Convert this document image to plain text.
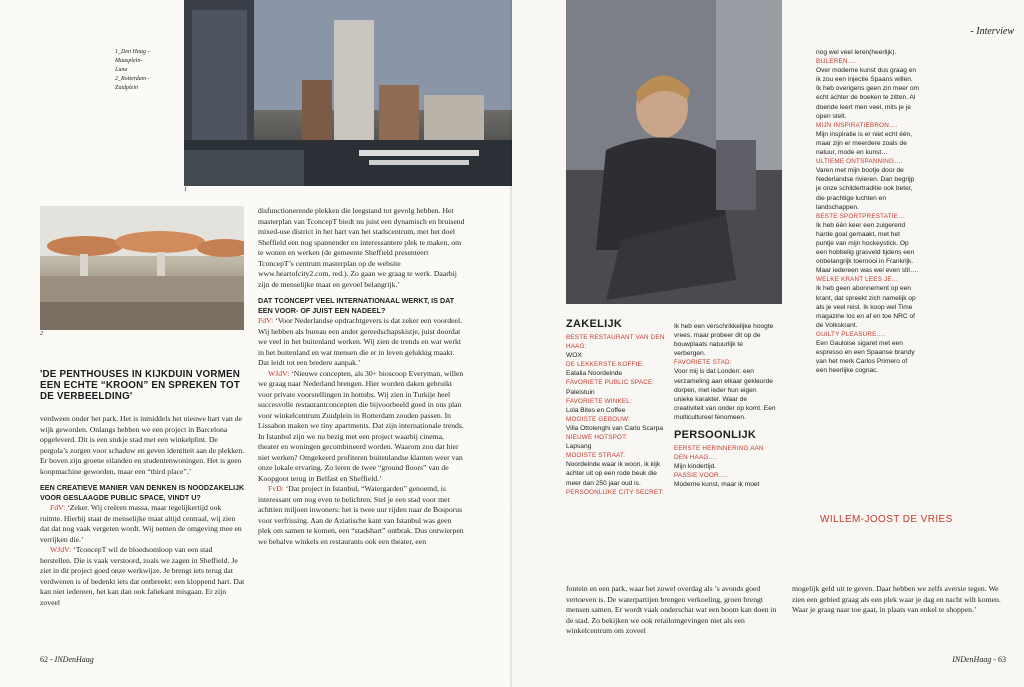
1_Den Haag –
Maasplein-
Luna
2_Rotterdam -
Zuidplein
1
2
'DE PENTHOUSES IN KIJKDUIN VORMEN EEN ECHTE “KROON” EN SPREKEN TOT DE VERBEELDING'

verdween onder het park. Het is inmiddels het nieuwe hart van de wijk geworden. Onlangs hebben we een project in Barcelona opgeleverd. Dit is een stukje stad met een winkelplint. De pergola’s zorgen voor schaduw en geven identiteit aan de plekken. Er boven zijn groene eilanden en studentenwoningen. Het is geen koopmachine geworden, maar een “third place”.’

EEN CREATIEVE MANIER VAN DENKEN IS NOODZAKELIJK VOOR GESLAAGDE PUBLIC SPACE, VINDT U?

FdV: ‘Zeker. Wij creëren massa, maar tegelijkertijd ook ruimte. Hierbij staat de menselijke maat altijd centraal, wij zien dat dat nog vaak vergeten wordt. Wij nemen de omgeving mee en verrijken die.’

WJdV: ‘TconcepT wil de bloedsomloop van een stad herstellen. Die is vaak verstoord, zoals we zagen in Sheffield. Je ziet in dit project goed onze werkwijze. Je brengt iets terug dat verdwenen is of bedenkt iets dat ontbreekt: een kloppend hart. Dat kan niet iedereen, het kan dan ook faliekant misgaan. Er zijn zoveel

disfunctionerende plekken die leegstand tot gevolg hebben. Het masterplan van TconcepT biedt nu juist een dynamisch en bruisend mixed-use district in het hart van het stadscentrum, met het doel Sheffield een nog spannender en interessantere plek te maken, om te wonen en werken (de gemeente Sheffield presenteert TconcepT’s centrum masterplan op de website www.heartofcity2.com, red.). Zo gaan we graag te werk. Daarbij zijn de menselijke maat en gevoel belangrijk.’

DAT TCONCEPT VEEL INTERNATIONAAL WERKT, IS DAT EEN VOOR- OF JUIST EEN NADEEL?

FdV: ‘Voor Nederlandse opdrachtgevers is dat zeker een voordeel. Wij hebben als bureau een ander gereedschapskistje, juist doordat we veel in het buitenland werken. Wij zien de trends en wat werkt in het buitenland en wat mensen die er in leven gelukkig maakt. Dat leidt tot een bredere aanpak.’

WJdV: ‘Nieuwe concepten, als 30+ bioscoop Everyman, willen we graag naar Nederland brengen. Hier worden daken gebruikt voor private voorstellingen in hottubs. Wij zien in Turkije heel succesvolle restaurantconcepten die bijvoorbeeld goed in ons plan voor winkelcentrum Zuidplein in Rotterdam zouden passen. In Lissabon maken we tiny apartments. Dat zijn internationale trends. In Istanbul zijn we nu bezig met een project waarbij cinema, theater en woningen gecombineerd worden. Waarom zou dat hier niet werken? Omgekeerd profiteren buitenlandse klanten weer van onze lokale ervaring. Zo leren de twee “ground floors” van de Koopgoot terug in Belfast en Sheffield.’

FvD: ‘Dat project in Istanbul, “Watergarden” genoemd, is interessant om nog even te belichten. Stel je een stad voor met achttien miljoen inwoners: het is twee uur rijden naar de Bosporus voor verfrissing. Aan de Aziatische kant van Istanbul was geen plek om samen te komen, een “stadshart” ontbrak. Dus ontwierpen we behalve winkels en restaurants ook een theater, een

62 - INDenHaag
- Interview
ZAKELIJK
BESTE RESTAURANT VAN DEN HAAG:
WOX
DE LEKKERSTE KOFFIE:
Eatalia Noordeinde
FAVORIETE PUBLIC SPACE:
Paleistuin
FAVORIETE WINKEL:
Lola Bites en Coffee
MOOISTE GEBOUW:
Villa Ottolenghi van Carlo Scarpa
NIEUWE HOTSPOT:
Lapsang
MOOISTE STRAAT:
Noordeinde waar ik woon, ik kijk achter uit op een rode beuk die meer dan 250 jaar oud is.
PERSOONLIJKE CITY SECRET:
Ik heb een verschrikkelijke hoogte vrees, maar probeer dit op de bouwplaats natuurlijk te verbergen.
FAVORIETE STAD:
Voor mij is dat Londen: een verzameling aan elkaar gekleurde dorpen, met ieder hun eigen unieke karakter. Waar de creativiteit van onder op komt. Een multicultureel fenomeen.
PERSOONLIJK
EERSTE HERINNERING AAN DEN HAAG….
Mijn kindertijd.
PASSIE VOOR….
Moderne kunst, maar ik moet
nog wel veel leren(heerlijk).
BIJLEREN….
Over moderne kunst dus graag en ik zou een injectie Spaans willen. Ik heb overigens geen zin meer om echt achter de boeken te zitten. Al doende leert men veel, mits je je open stelt.
MIJN INSPIRATIEBRON….
Mijn inspiratie is er niet echt één, maar zijn er meerdere zoals de natuur, mode en kunst…
ULTIEME ONTSPANNING….
Varen met mijn bootje door de Nederlandse rivieren. Dan begrijp je onze schildertraditie ook beter, die prachtige luchten en landschappen.
BESTE SPORTPRESTATIE…
Ik heb één keer een zuigerend harde goal gemaakt, met het puntje van mijn hockeystick. Op een hobbelig grasveld tijdens een onbelangrijk toernooi in Frankrijk. Maar iedereen was wel even stil….
WELKE KRANT LEES JE…
Ik heb geen abonnement op een krant, dat spreekt zich namelijk op als je veel reist. Ik koop wel Time magazine los en af en toe NRC of de Volkskrant.
GUILTY PLEASURE….
Een Gauloise sigaret met een espresso en een Spaanse brandy van het merk Carlos Primero of een heerlijke cognac.
WILLEM-JOOST DE VRIES

fontein en een park, waar het zowel overdag als ’s avonds goed vertoeven is. De waterpartijen brengen verkoeling, groen brengt mensen samen. Er wordt vaak onderschat wat een boom kan doen in de stad. Zo bekijken we ook retailomgevingen niet als een winkelcentrum om zoveel

mogelijk geld uit te geven. Daar hebben we zelfs aversie tegen. We zien een gebied graag als een plek waar je dag en nacht wilt komen. Waar je graag naar toe gaat, in plaats van enkel te shoppen.’

INDenHaag - 63
